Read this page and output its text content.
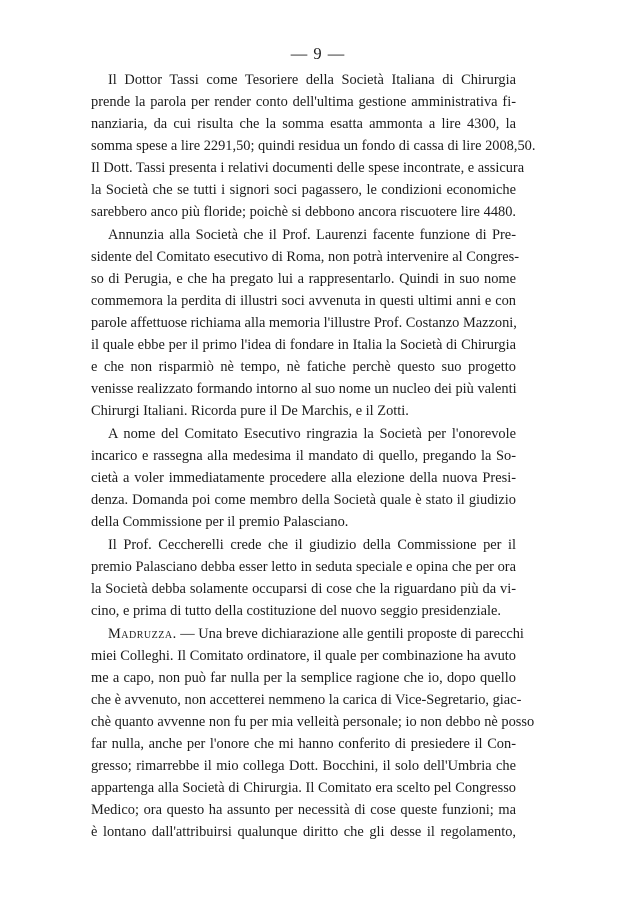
— 9 —
Il Dottor Tassi come Tesoriere della Società Italiana di Chirurgia
prende la parola per render conto dell'ultima gestione amministrativa fi-
nanziaria, da cui risulta che la somma esatta ammonta a lire 4300, la
somma spese a lire 2291,50; quindi residua un fondo di cassa di lire 2008,50.
Il Dott. Tassi presenta i relativi documenti delle spese incontrate, e assicura
la Società che se tutti i signori soci pagassero, le condizioni economiche
sarebbero anco più floride; poichè si debbono ancora riscuotere lire 4480.
Annunzia alla Società che il Prof. Laurenzi facente funzione di Pre-
sidente del Comitato esecutivo di Roma, non potrà intervenire al Congres-
so di Perugia, e che ha pregato lui a rappresentarlo. Quindi in suo nome
commemora la perdita di illustri soci avvenuta in questi ultimi anni e con
parole affettuose richiama alla memoria l'illustre Prof. Costanzo Mazzoni,
il quale ebbe per il primo l'idea di fondare in Italia la Società di Chirurgia
e che non risparmiò nè tempo, nè fatiche perchè questo suo progetto
venisse realizzato formando intorno al suo nome un nucleo dei più valenti
Chirurgi Italiani. Ricorda pure il De Marchis, e il Zotti.
A nome del Comitato Esecutivo ringrazia la Società per l'onorevole
incarico e rassegna alla medesima il mandato di quello, pregando la So-
cietà a voler immediatamente procedere alla elezione della nuova Presi-
denza. Domanda poi come membro della Società quale è stato il giudizio
della Commissione per il premio Palasciano.
Il Prof. Ceccherelli crede che il giudizio della Commissione per il
premio Palasciano debba esser letto in seduta speciale e opina che per ora
la Società debba solamente occuparsi di cose che la riguardano più da vi-
cino, e prima di tutto della costituzione del nuovo seggio presidenziale.
Madruzza. — Una breve dichiarazione alle gentili proposte di parecchi
miei Colleghi. Il Comitato ordinatore, il quale per combinazione ha avuto
me a capo, non può far nulla per la semplice ragione che io, dopo quello
che è avvenuto, non accetterei nemmeno la carica di Vice-Segretario, giac-
chè quanto avvenne non fu per mia velleità personale; io non debbo nè posso
far nulla, anche per l'onore che mi hanno conferito di presiedere il Con-
gresso; rimarrebbe il mio collega Dott. Bocchini, il solo dell'Umbria che
appartenga alla Società di Chirurgia. Il Comitato era scelto pel Congresso
Medico; ora questo ha assunto per necessità di cose queste funzioni; ma
è lontano dall'attribuirsi qualunque diritto che gli desse il regolamento,
